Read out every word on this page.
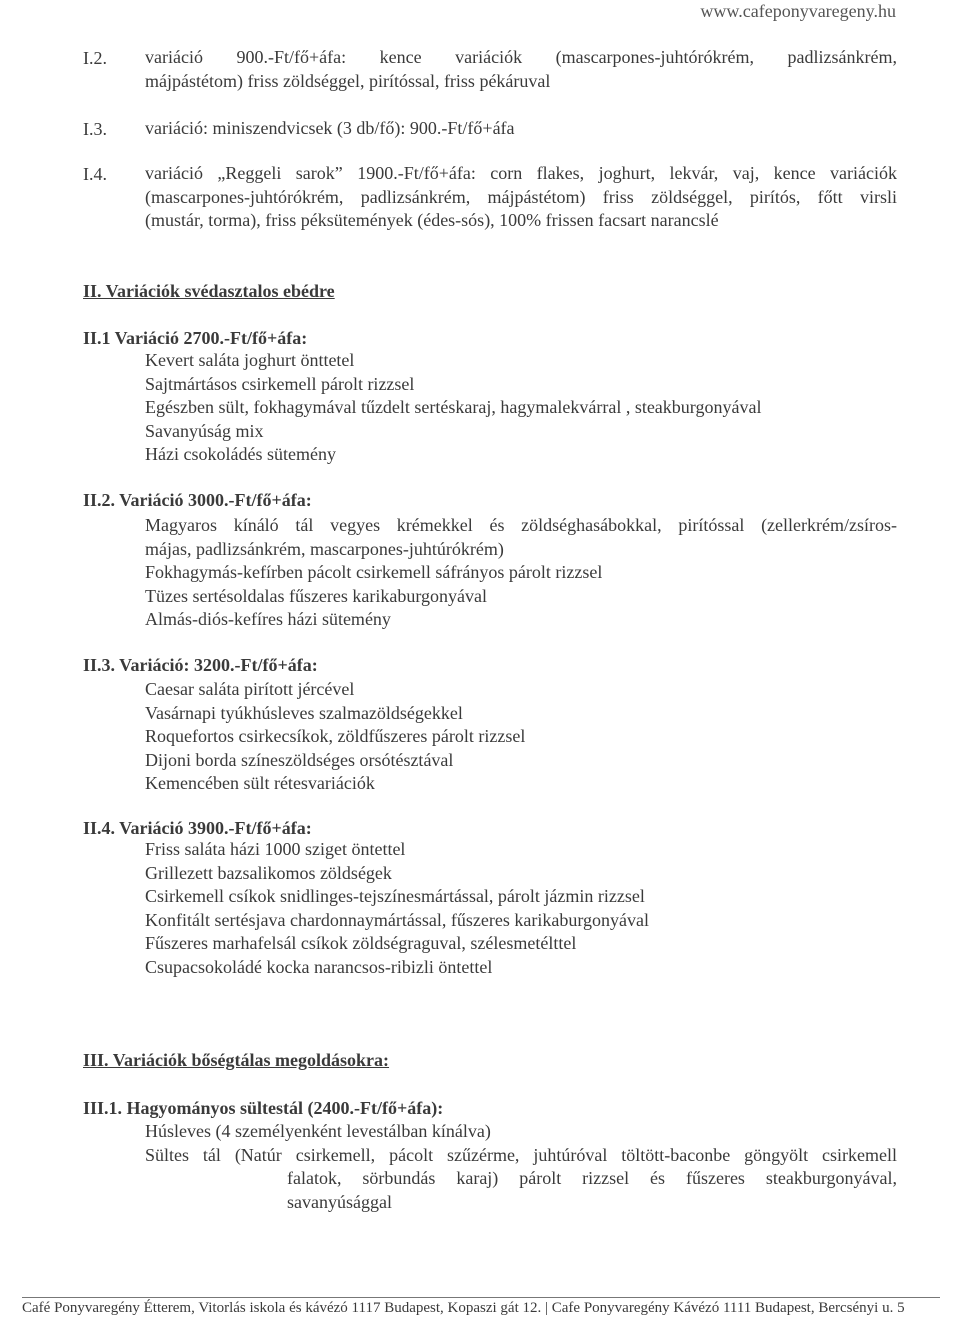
www.cafeponyvaregeny.hu
I.2. variáció 900.-Ft/fő+áfa: kence variációk (mascarpones-juhtórókrém, padlizsánkrém,
májpástétom) friss zöldséggel, pirítóssal, friss pékáruval
I.3. variáció: miniszendvicsek (3 db/fő): 900.-Ft/fő+áfa
I.4. variáció „Reggeli sarok” 1900.-Ft/fő+áfa: corn flakes, joghurt, lekvár, vaj, kence variációk
(mascarpones-juhtórókrém, padlizsánkrém, májpástétom) friss zöldséggel, pirítós, főtt virsli
(mustár, torma), friss péksütemények (édes-sós), 100% frissen facsart narancslé
II. Variációk svédasztalos ebédre
II.1 Variáció 2700.-Ft/fő+áfa:
Kevert saláta joghurt önttetel
Sajtmártásos csirkemell párolt rizzsel
Egészben sült, fokhagymával tűzdelt sertéskaraj, hagymalekvárral , steakburgonyával
Savanyúság mix
Házi csokoládés sütemény
II.2. Variáció 3000.-Ft/fő+áfa:
Magyaros kínáló tál vegyes krémekkel és zöldséghasábokkal, pirítóssal (zellerkrém/zsíros-
májas, padlizsánkrém, mascarpones-juhtúrókrém)
Fokhagymás-kefírben pácolt csirkemell sáfrányos párolt rizzsel
Tüzes sertésoldalas fűszeres karikaburgonyával
Almás-diós-kefíres házi sütemény
II.3. Variáció: 3200.-Ft/fő+áfa:
Caesar saláta pirított jércével
Vasárnapi tyúkhúsleves szalmazöldségekkel
Roquefortos csirkecsíkok, zöldfűszeres párolt rizzsel
Dijoni borda színeszöldséges orsótésztával
Kemencében sült rétesvariációk
II.4. Variáció 3900.-Ft/fő+áfa:
Friss saláta házi 1000 sziget öntettel
Grillezett bazsalikomos zöldségek
Csirkemell csíkok snidlinges-tejszínesmártással, párolt jázmin rizzsel
Konfitált sertésjava chardonnaymártással, fűszeres karikaburgonyával
Fűszeres marhafelsál csíkok zöldségraguval, szélesmetélttel
Csupacsokoládé kocka narancsos-ribizli öntettel
III. Variációk bőségtálas megoldásokra:
III.1. Hagyományos sültestál (2400.-Ft/fő+áfa):
Húsleves (4 személyenként levestálban kínálva)
Sültes tál (Natúr csirkemell, pácolt szűzérme, juhtúróval töltött-baconbe göngyölt csirkemell
falatok, sörbundás karaj) párolt rizzsel és fűszeres steakburgonyával,
savanyúsággal
Café Ponyvaregény Étterem, Vitorlás iskola és kávézó 1117 Budapest, Kopaszi gát 12. | Cafe Ponyvaregény Kávézó 1111 Budapest, Bercsényi u. 5
